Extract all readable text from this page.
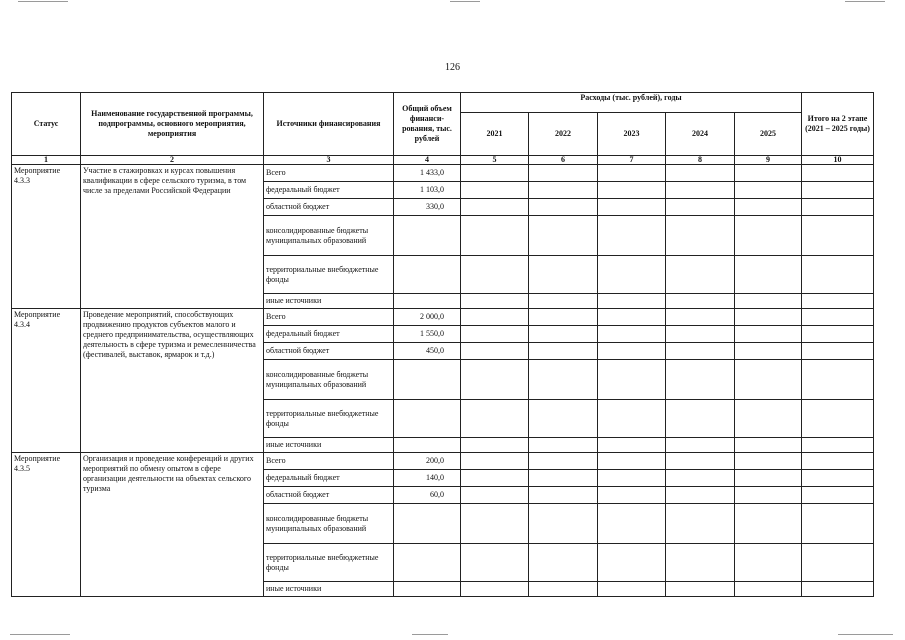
126
Статус	Наименование государственной программы, подпрограммы, основного мероприятия, мероприятия	Источники финансирования	Общий объем финанси- рования, тыс. рублей	Расходы (тыс. рублей), годы					Итого на 2 этапе (2021 – 2025 годы)
				2021	2022	2023	2024	2025	
1	2	3	4	5	6	7	8	9	10
Мероприятие 4.3.3	Участие в стажировках и курсах повышения квалификации в сфере сельского туризма, в том числе за пределами Российской Федерации	Всего	1 433,0						
		федеральный бюджет	1 103,0						
		областной бюджет	330,0						
		консолидированные бюджеты муниципальных образований							
		территориальные внебюджетные фонды							
		иные источники							
Мероприятие 4.3.4	Проведение мероприятий, способствующих продвижению продуктов субъектов малого и среднего предпринимательства, осуществляющих деятельность в сфере туризма и ремесленничества (фестивалей, выставок, ярмарок и т.д.)	Всего	2 000,0						
		федеральный бюджет	1 550,0						
		областной бюджет	450,0						
		консолидированные бюджеты муниципальных образований							
		территориальные внебюджетные фонды							
		иные источники							
Мероприятие 4.3.5	Организация и проведение конференций и других мероприятий по обмену опытом в сфере организации деятельности на объектах сельского туризма	Всего	200,0						
		федеральный бюджет	140,0						
		областной бюджет	60,0						
		консолидированные бюджеты муниципальных образований							
		территориальные внебюджетные фонды							
		иные источники							
